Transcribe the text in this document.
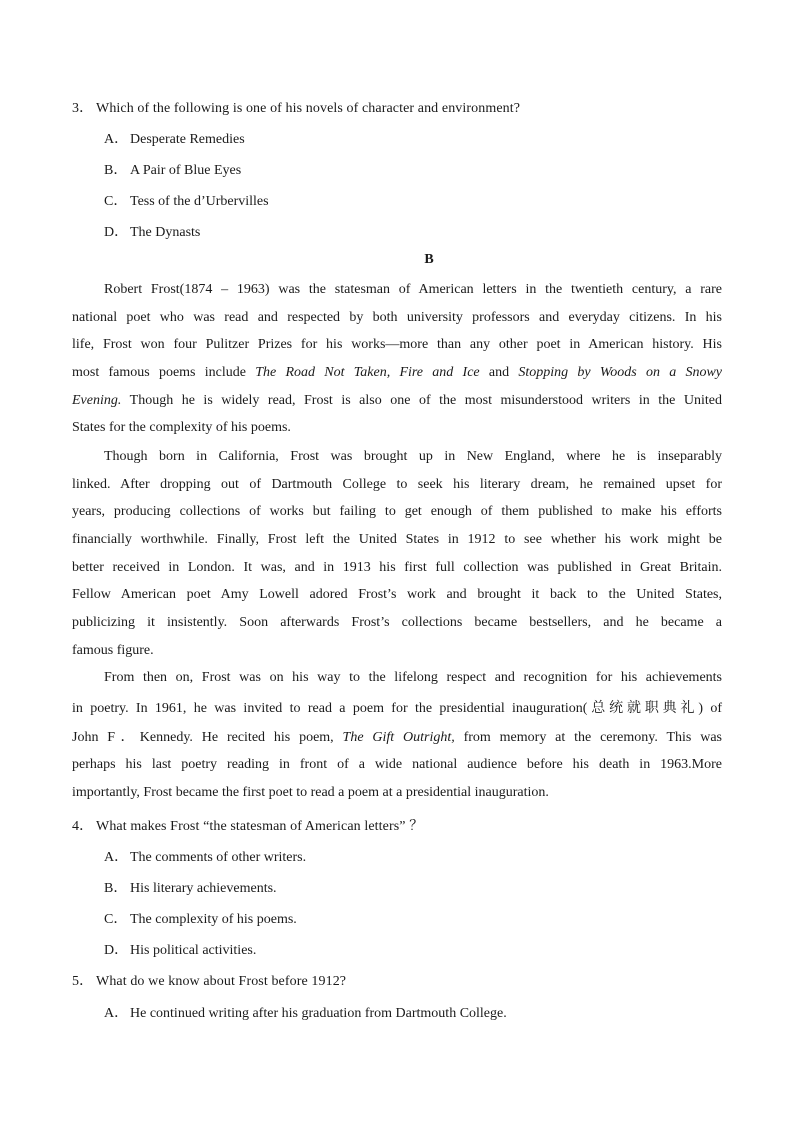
3． Which of the following is one of his novels of character and environment?
A． Desperate Remedies
B． A Pair of Blue Eyes
C． Tess of the d’Urbervilles
D． The Dynasts
B
Robert Frost(1874 – 1963) was the statesman of American letters in the twentieth century, a rare
national poet who was read and respected by both university professors and everyday citizens. In his
life, Frost won four Pulitzer Prizes for his works—more than any other poet in American history. His
most famous poems include The Road Not Taken, Fire and Ice and Stopping by Woods on a Snowy
Evening. Though he is widely read, Frost is also one of the most misunderstood writers in the United
States for the complexity of his poems.
Though born in California, Frost was brought up in New England, where he is inseparably
linked. After dropping out of Dartmouth College to seek his literary dream, he remained upset for
years, producing collections of works but failing to get enough of them published to make his efforts
financially worthwhile. Finally, Frost left the United States in 1912 to see whether his work might be
better received in London. It was, and in 1913 his first full collection was published in Great Britain.
Fellow American poet Amy Lowell adored Frost’s work and brought it back to the United States,
publicizing it insistently. Soon afterwards Frost’s collections became bestsellers, and he became a
famous figure.
From then on, Frost was on his way to the lifelong respect and recognition for his achievements
in poetry. In 1961, he was invited to read a poem for the presidential inauguration(总统就职典礼) of
John F．Kennedy. He recited his poem, The Gift Outright, from memory at the ceremony. This was
perhaps his last poetry reading in front of a wide national audience before his death in 1963.More
importantly, Frost became the first poet to read a poem at a presidential inauguration.
4． What makes Frost “the statesman of American letters” ？
A． The comments of other writers.
B． His literary achievements.
C． The complexity of his poems.
D． His political activities.
5． What do we know about Frost before 1912?
A． He continued writing after his graduation from Dartmouth College.
